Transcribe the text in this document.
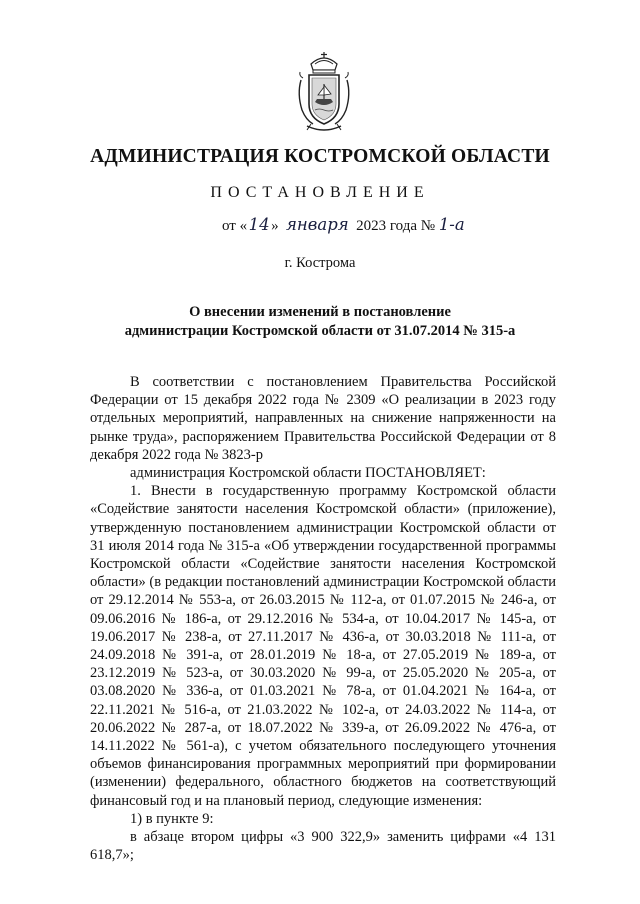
АДМИНИСТРАЦИЯ КОСТРОМСКОЙ ОБЛАСТИ
ПОСТАНОВЛЕНИЕ
от «14 » января 2023 года № 1-а
г. Кострома
О внесении изменений в постановление
администрации Костромской области от 31.07.2014 № 315-а

В соответствии с постановлением Правительства Российской Федерации от 15 декабря 2022 года № 2309 «О реализации в 2023 году отдельных мероприятий, направленных на снижение напряженности на рынке труда», распоряжением Правительства Российской Федерации от 8 декабря 2022 года № 3823-р

администрация Костромской области ПОСТАНОВЛЯЕТ:

1. Внести в государственную программу Костромской области «Содействие занятости населения Костромской области» (приложение), утвержденную постановлением администрации Костромской области от 31 июля 2014 года № 315-а «Об утверждении государственной программы Костромской области «Содействие занятости населения Костромской области» (в редакции постановлений администрации Костромской области от 29.12.2014 № 553-а, от 26.03.2015 № 112-а, от 01.07.2015 № 246-а, от 09.06.2016 № 186-а, от 29.12.2016 № 534-а, от 10.04.2017 № 145-а, от 19.06.2017 № 238-а, от 27.11.2017 № 436-а, от 30.03.2018 № 111-а, от 24.09.2018 № 391-а, от 28.01.2019 № 18-а, от 27.05.2019 № 189-а, от 23.12.2019 № 523-а, от 30.03.2020 № 99-а, от 25.05.2020 № 205-а, от 03.08.2020 № 336-а, от 01.03.2021 № 78-а, от 01.04.2021 № 164-а, от 22.11.2021 № 516-а, от 21.03.2022 № 102-а, от 24.03.2022 № 114-а, от 20.06.2022 № 287-а, от 18.07.2022 № 339-а, от 26.09.2022 № 476-а, от 14.11.2022 № 561-а), с учетом обязательного последующего уточнения объемов финансирования программных мероприятий при формировании (изменении) федерального, областного бюджетов на соответствующий финансовый год и на плановый период, следующие изменения:

1) в пункте 9:

в абзаце втором цифры «3 900 322,9» заменить цифрами «4 131 618,7»;
